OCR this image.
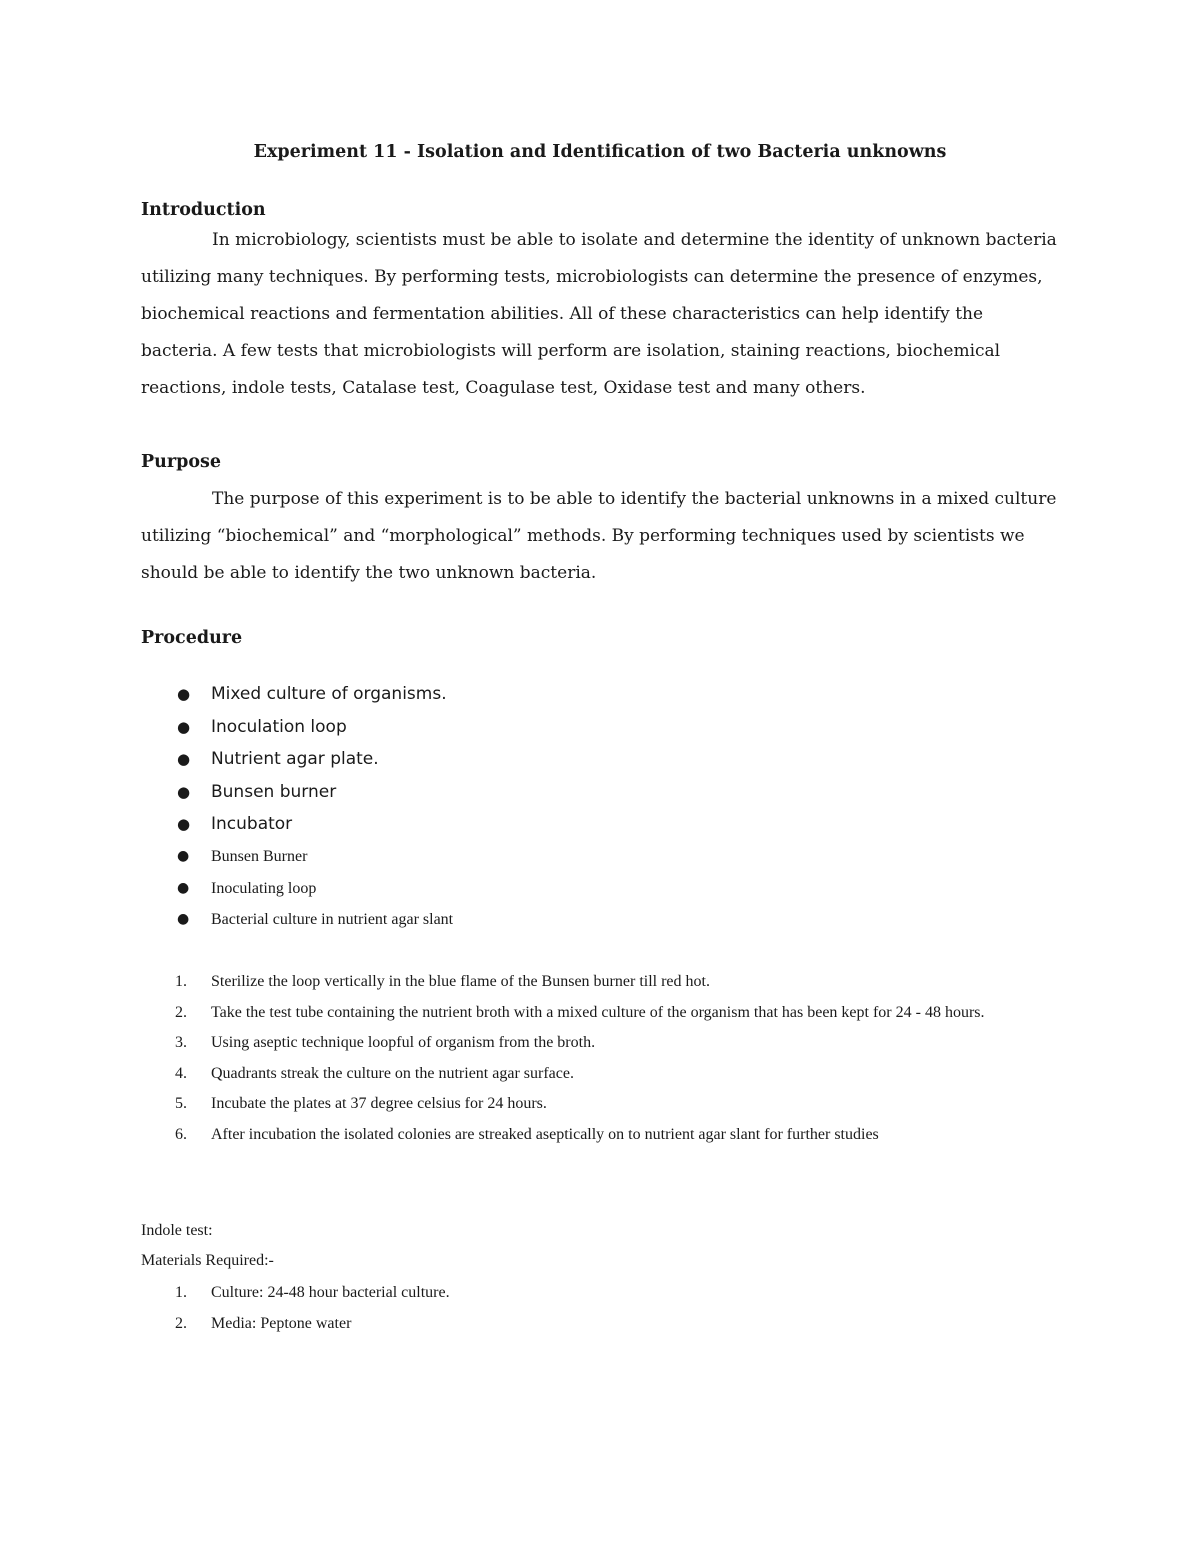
Experiment 11 - Isolation and Identification of two Bacteria unknowns
Introduction

In microbiology, scientists must be able to isolate and determine the identity of unknown bacteria utilizing many techniques. By performing tests, microbiologists can determine the presence of enzymes, biochemical reactions and fermentation abilities. All of these characteristics can help identify the bacteria. A few tests that microbiologists will perform are isolation, staining reactions, biochemical reactions, indole tests, Catalase test, Coagulase test, Oxidase test and many others.

Purpose

The purpose of this experiment is to be able to identify the bacterial unknowns in a mixed culture utilizing “biochemical” and “morphological” methods. By performing techniques used by scientists we should be able to identify the two unknown bacteria.

Procedure
● Mixed culture of organisms.
● Inoculation loop
● Nutrient agar plate.
● Bunsen burner
● Incubator
● Bunsen Burner
● Inoculating loop
● Bacterial culture in nutrient agar slant
1. Sterilize the loop vertically in the blue flame of the Bunsen burner till red hot.
2. Take the test tube containing the nutrient broth with a mixed culture of the organism that has been kept for 24 - 48 hours.
3. Using aseptic technique loopful of organism from the broth.
4. Quadrants streak the culture on the nutrient agar surface.
5. Incubate the plates at 37 degree celsius for 24 hours.
6. After incubation the isolated colonies are streaked aseptically on to nutrient agar slant for further studies

Indole test:

Materials Required:-

1. Culture: 24-48 hour bacterial culture.
2. Media: Peptone water
